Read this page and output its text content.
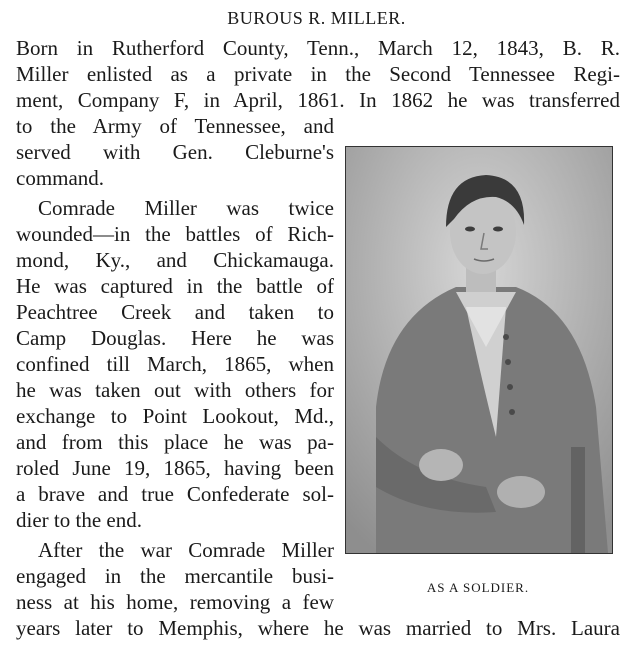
BUROUS R. MILLER.
Born in Rutherford County, Tenn., March 12, 1843, B. R.
Miller enlisted as a private in the Second Tennessee Regi-
ment, Company F, in April, 1861. In 1862 he was transferred
to the Army of Tennessee, and
served with Gen. Cleburne's
command.
Comrade Miller was twice
wounded—in the battles of Rich-
mond, Ky., and Chickamauga.
He was captured in the battle of
Peachtree Creek and taken to
Camp Douglas. Here he was
confined till March, 1865, when
he was taken out with others for
exchange to Point Lookout, Md.,
and from this place he was pa-
roled June 19, 1865, having been
a brave and true Confederate sol-
dier to the end.
After the war Comrade Miller
engaged in the mercantile busi-
ness at his home, removing a few
years later to Memphis, where he was married to Mrs. Laura
AS A SOLDIER.
